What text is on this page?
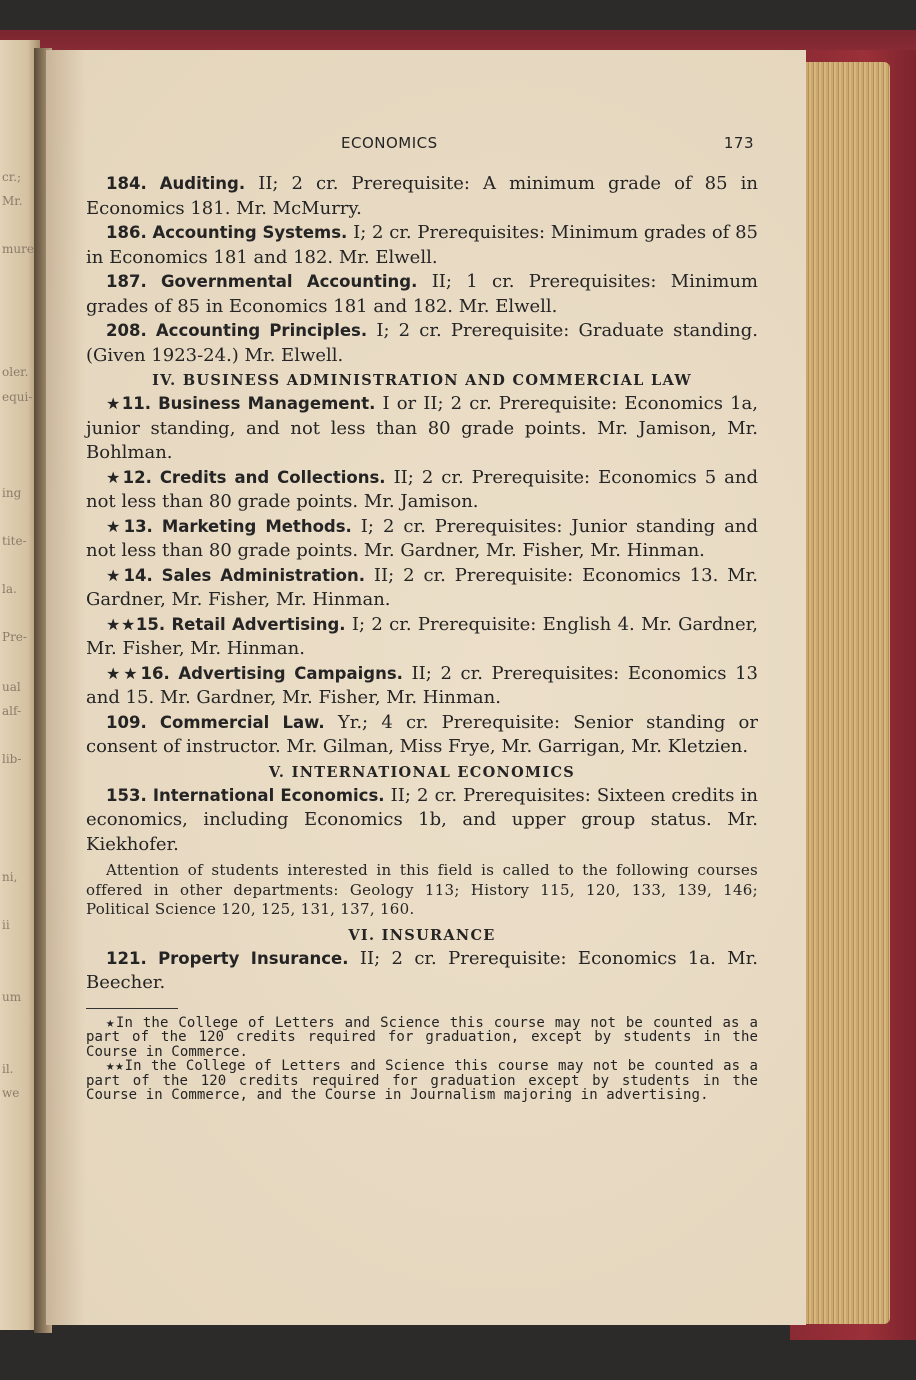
cr.;
Mr.
mure
oler.
equi-
ing
tite-
la.
Pre-
ual
alf-
lib-
ni,
ii
um
il.
we
ECONOMICS	173

184. Auditing. II; 2 cr. Prerequisite: A minimum grade of 85 in Economics 181. Mr. McMurry.

186. Accounting Systems. I; 2 cr. Prerequisites: Minimum grades of 85 in Economics 181 and 182. Mr. Elwell.

187. Governmental Accounting. II; 1 cr. Prerequisites: Minimum grades of 85 in Economics 181 and 182. Mr. Elwell.

208. Accounting Principles. I; 2 cr. Prerequisite: Graduate standing. (Given 1923-24.) Mr. Elwell.

IV. BUSINESS ADMINISTRATION AND COMMERCIAL LAW

★11. Business Management. I or II; 2 cr. Prerequisite: Economics 1a, junior standing, and not less than 80 grade points. Mr. Jamison, Mr. Bohlman.

★12. Credits and Collections. II; 2 cr. Prerequisite: Economics 5 and not less than 80 grade points. Mr. Jamison.

★13. Marketing Methods. I; 2 cr. Prerequisites: Junior standing and not less than 80 grade points. Mr. Gardner, Mr. Fisher, Mr. Hinman.

★14. Sales Administration. II; 2 cr. Prerequisite: Economics 13. Mr. Gardner, Mr. Fisher, Mr. Hinman.

★★15. Retail Advertising. I; 2 cr. Prerequisite: English 4. Mr. Gardner, Mr. Fisher, Mr. Hinman.

★★16. Advertising Campaigns. II; 2 cr. Prerequisites: Economics 13 and 15. Mr. Gardner, Mr. Fisher, Mr. Hinman.

109. Commercial Law. Yr.; 4 cr. Prerequisite: Senior standing or consent of instructor. Mr. Gilman, Miss Frye, Mr. Garrigan, Mr. Kletzien.

V. INTERNATIONAL ECONOMICS

153. International Economics. II; 2 cr. Prerequisites: Sixteen credits in economics, including Economics 1b, and upper group status. Mr. Kiekhofer.

Attention of students interested in this field is called to the following courses offered in other departments: Geology 113; History 115, 120, 133, 139, 146; Political Science 120, 125, 131, 137, 160.

VI. INSURANCE

121. Property Insurance. II; 2 cr. Prerequisite: Economics 1a. Mr. Beecher.

★In the College of Letters and Science this course may not be counted as a part of the 120 credits required for graduation, except by students in the Course in Commerce.

★★In the College of Letters and Science this course may not be counted as a part of the 120 credits required for graduation except by students in the Course in Commerce, and the Course in Journalism majoring in advertising.
